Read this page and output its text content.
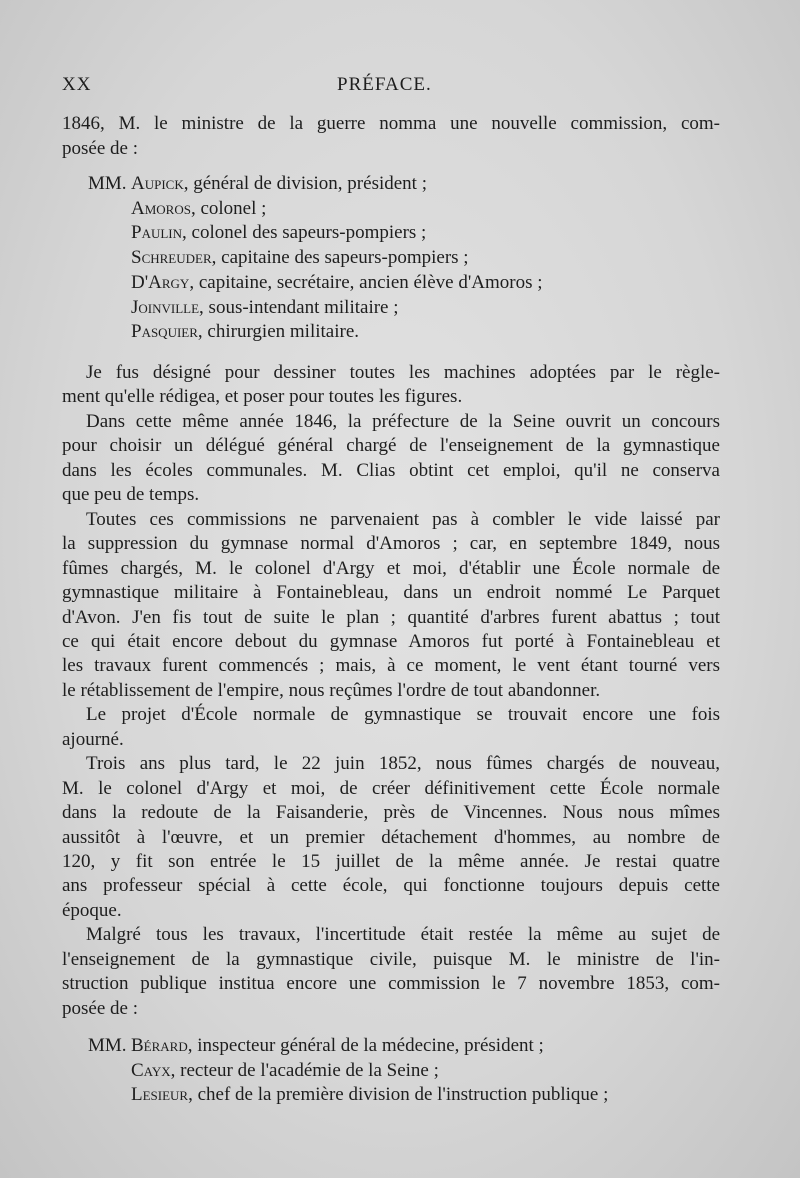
XX	PRÉFACE.
1846, M. le ministre de la guerre nomma une nouvelle commission, com-
posée de :
Aupick, général de division, président ;
Amoros, colonel ;
Paulin, colonel des sapeurs-pompiers ;
Schreuder, capitaine des sapeurs-pompiers ;
D'Argy, capitaine, secrétaire, ancien élève d'Amoros ;
Joinville, sous-intendant militaire ;
Pasquier, chirurgien militaire.
MM.
Je fus désigné pour dessiner toutes les machines adoptées par le règle-
ment qu'elle rédigea, et poser pour toutes les figures.
Dans cette même année 1846, la préfecture de la Seine ouvrit un concours
pour choisir un délégué général chargé de l'enseignement de la gymnastique
dans les écoles communales. M. Clias obtint cet emploi, qu'il ne conserva
que peu de temps.
Toutes ces commissions ne parvenaient pas à combler le vide laissé par
la suppression du gymnase normal d'Amoros ; car, en septembre 1849, nous
fûmes chargés, M. le colonel d'Argy et moi, d'établir une École normale de
gymnastique militaire à Fontainebleau, dans un endroit nommé Le Parquet
d'Avon. J'en fis tout de suite le plan ; quantité d'arbres furent abattus ; tout
ce qui était encore debout du gymnase Amoros fut porté à Fontainebleau et
les travaux furent commencés ; mais, à ce moment, le vent étant tourné vers
le rétablissement de l'empire, nous reçûmes l'ordre de tout abandonner.
Le projet d'École normale de gymnastique se trouvait encore une fois
ajourné.
Trois ans plus tard, le 22 juin 1852, nous fûmes chargés de nouveau,
M. le colonel d'Argy et moi, de créer définitivement cette École normale
dans la redoute de la Faisanderie, près de Vincennes. Nous nous mîmes
aussitôt à l'œuvre, et un premier détachement d'hommes, au nombre de
120, y fit son entrée le 15 juillet de la même année. Je restai quatre
ans professeur spécial à cette école, qui fonctionne toujours depuis cette
époque.
Malgré tous les travaux, l'incertitude était restée la même au sujet de
l'enseignement de la gymnastique civile, puisque M. le ministre de l'in-
struction publique institua encore une commission le 7 novembre 1853, com-
posée de :
Bérard, inspecteur général de la médecine, président ;
Cayx, recteur de l'académie de la Seine ;
Lesieur, chef de la première division de l'instruction publique ;
MM.
